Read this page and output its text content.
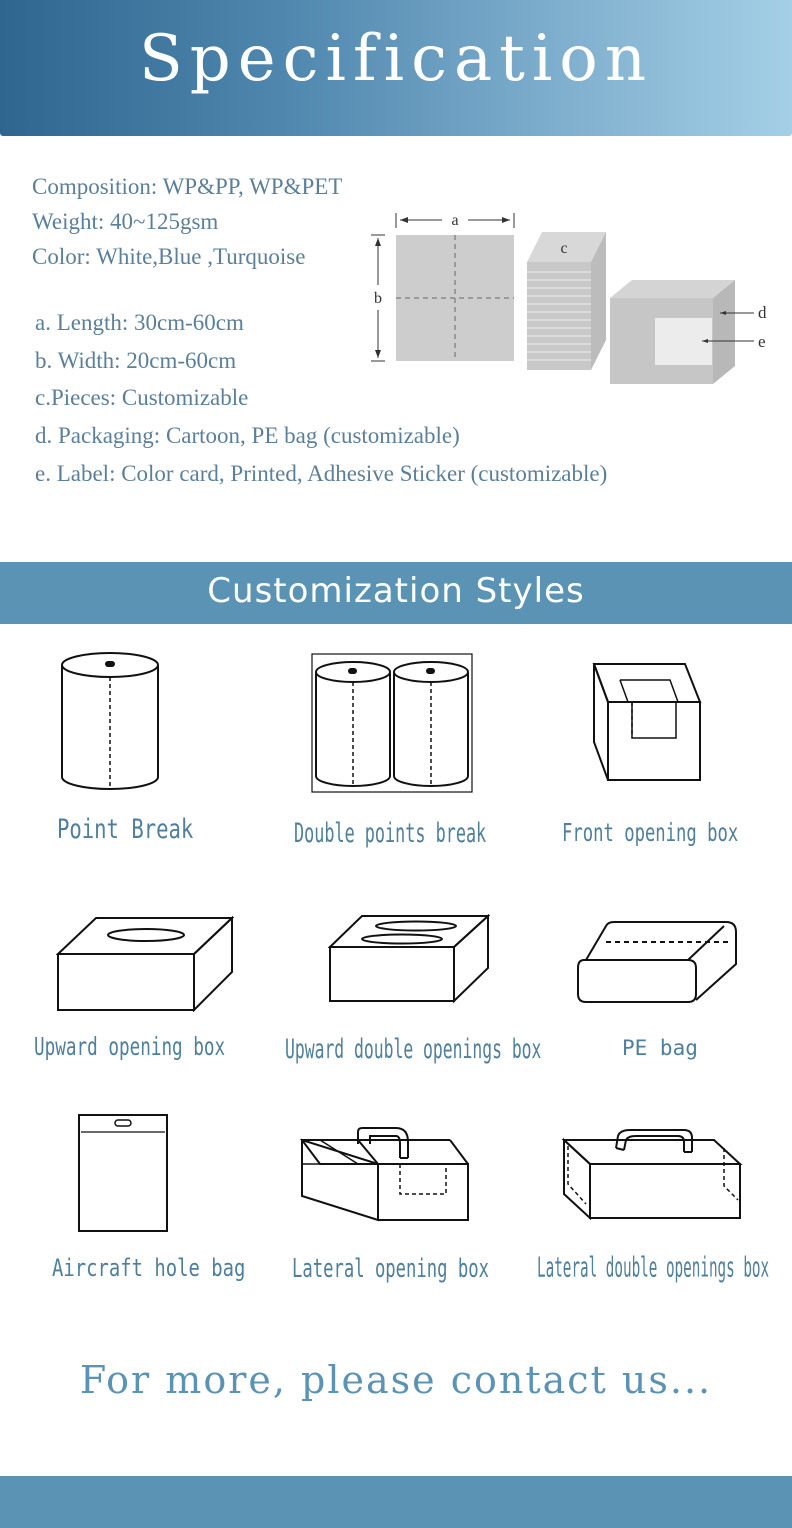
Specification
Composition: WP&PP, WP&PET
Weight: 40~125gsm
Color: White,Blue ,Turquoise
a. Length: 30cm-60cm
b. Width: 20cm-60cm
c.Pieces: Customizable
d. Packaging: Cartoon, PE bag (customizable)
e. Label: Color card, Printed, Adhesive Sticker (customizable)
a
b
c
d
e
Customization Styles
Point Break	Double points break	Front opening box
Upward opening box	Upward double openings box	PE bag
Aircraft hole bag Lateral opening box Lateral double openings box
For more, please contact us...
